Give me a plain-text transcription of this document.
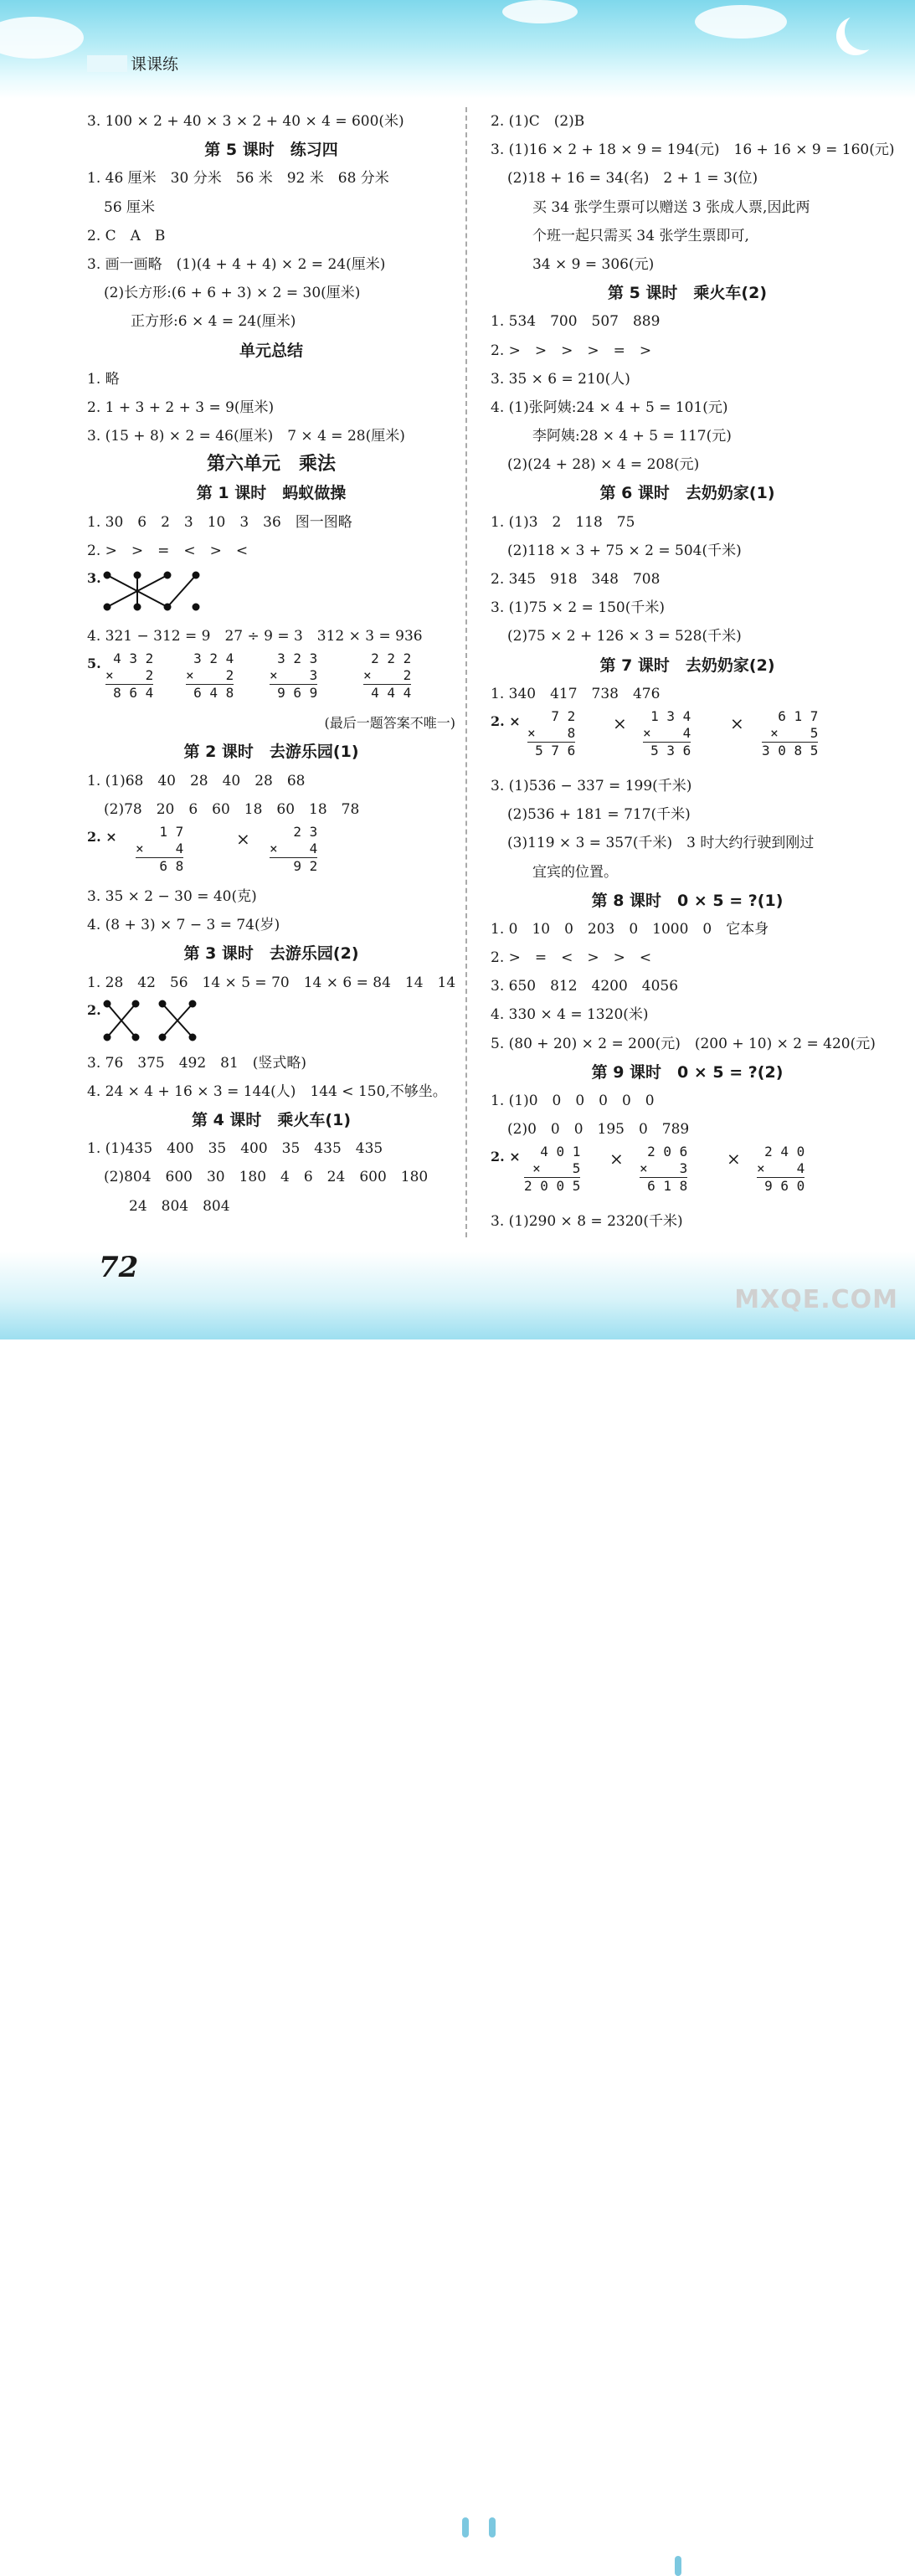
课课练
3. 100 × 2 + 40 × 3 × 2 + 40 × 4 = 600(米)
第 5 课时　练习四
1. 46 厘米　30 分米　56 米　92 米　68 分米
56 厘米
2. C　A　B
3. 画一画略　(1)(4 + 4 + 4) × 2 = 24(厘米)
(2)长方形:(6 + 6 + 3) × 2 = 30(厘米)
正方形:6 × 4 = 24(厘米)
单元总结
1. 略
2. 1 + 3 + 2 + 3 = 9(厘米)
3. (15 + 8) × 2 = 46(厘米)　7 × 4 = 28(厘米)
第六单元　乘法
第 1 课时　蚂蚁做操
1. 30　6　2　3　10　3　36　图一图略
2. >　>　=　<　>　<
3.
4. 321 − 312 = 9　27 ÷ 9 = 3　312 × 3 = 936
5. 4 3 2
× 2
8 6 4
3 2 4
× 2
6 4 8
3 2 3
× 3
9 6 9
2 2 2
× 2
4 4 4
(最后一题答案不唯一)
第 2 课时　去游乐园(1)
1. (1)68　40　28　40　28　68
(2)78　20　6　60　18　60　18　78
2. ×	×
1 7
× 4
6 8
2 3
× 4
9 2
3. 35 × 2 − 30 = 40(克)
4. (8 + 3) × 7 − 3 = 74(岁)
第 3 课时　去游乐园(2)
1. 28　42　56　14 × 5 = 70　14 × 6 = 84　14　14
2.
3. 76　375　492　81　(竖式略)
4. 24 × 4 + 16 × 3 = 144(人)　144 < 150,不够坐。
第 4 课时　乘火车(1)
1. (1)435　400　35　400　35　435　435
(2)804　600　30　180　4　6　24　600　180
24　804　804
2. (1)C　(2)B
3. (1)16 × 2 + 18 × 9 = 194(元)　16 + 16 × 9 = 160(元)
(2)18 + 16 = 34(名)　2 + 1 = 3(位)
买 34 张学生票可以赠送 3 张成人票,因此两
个班一起只需买 34 张学生票即可,
34 × 9 = 306(元)
第 5 课时　乘火车(2)
1. 534　700　507　889
2. >　>　>　>　=　>
3. 35 × 6 = 210(人)
4. (1)张阿姨:24 × 4 + 5 = 101(元)
李阿姨:28 × 4 + 5 = 117(元)
(2)(24 + 28) × 4 = 208(元)
第 6 课时　去奶奶家(1)
1. (1)3　2　118　75
(2)118 × 3 + 75 × 2 = 504(千米)
2. 345　918　348　708
3. (1)75 × 2 = 150(千米)
(2)75 × 2 + 126 × 3 = 528(千米)
第 7 课时　去奶奶家(2)
1. 340　417　738　476
2. ×	×	×
7 2
× 8
5 7 6
1 3 4
× 4
5 3 6
6 1 7
× 5
3 0 8 5
3. (1)536 − 337 = 199(千米)
(2)536 + 181 = 717(千米)
(3)119 × 3 = 357(千米)　3 时大约行驶到刚过
宜宾的位置。
第 8 课时　0 × 5 = ?(1)
1. 0　10　0　203　0　1000　0　它本身
2. >　=　<　>　>　<
3. 650　812　4200　4056
4. 330 × 4 = 1320(米)
5. (80 + 20) × 2 = 200(元)　(200 + 10) × 2 = 420(元)
第 9 课时　0 × 5 = ?(2)
1. (1)0　0　0　0　0　0
(2)0　0　0　195　0　789
2. ×	×	×
4 0 1
× 5
2 0 0 5
2 0 6
× 3
6 1 8
2 4 0
× 4
9 6 0
3. (1)290 × 8 = 2320(千米)
72
MXQE.COM
